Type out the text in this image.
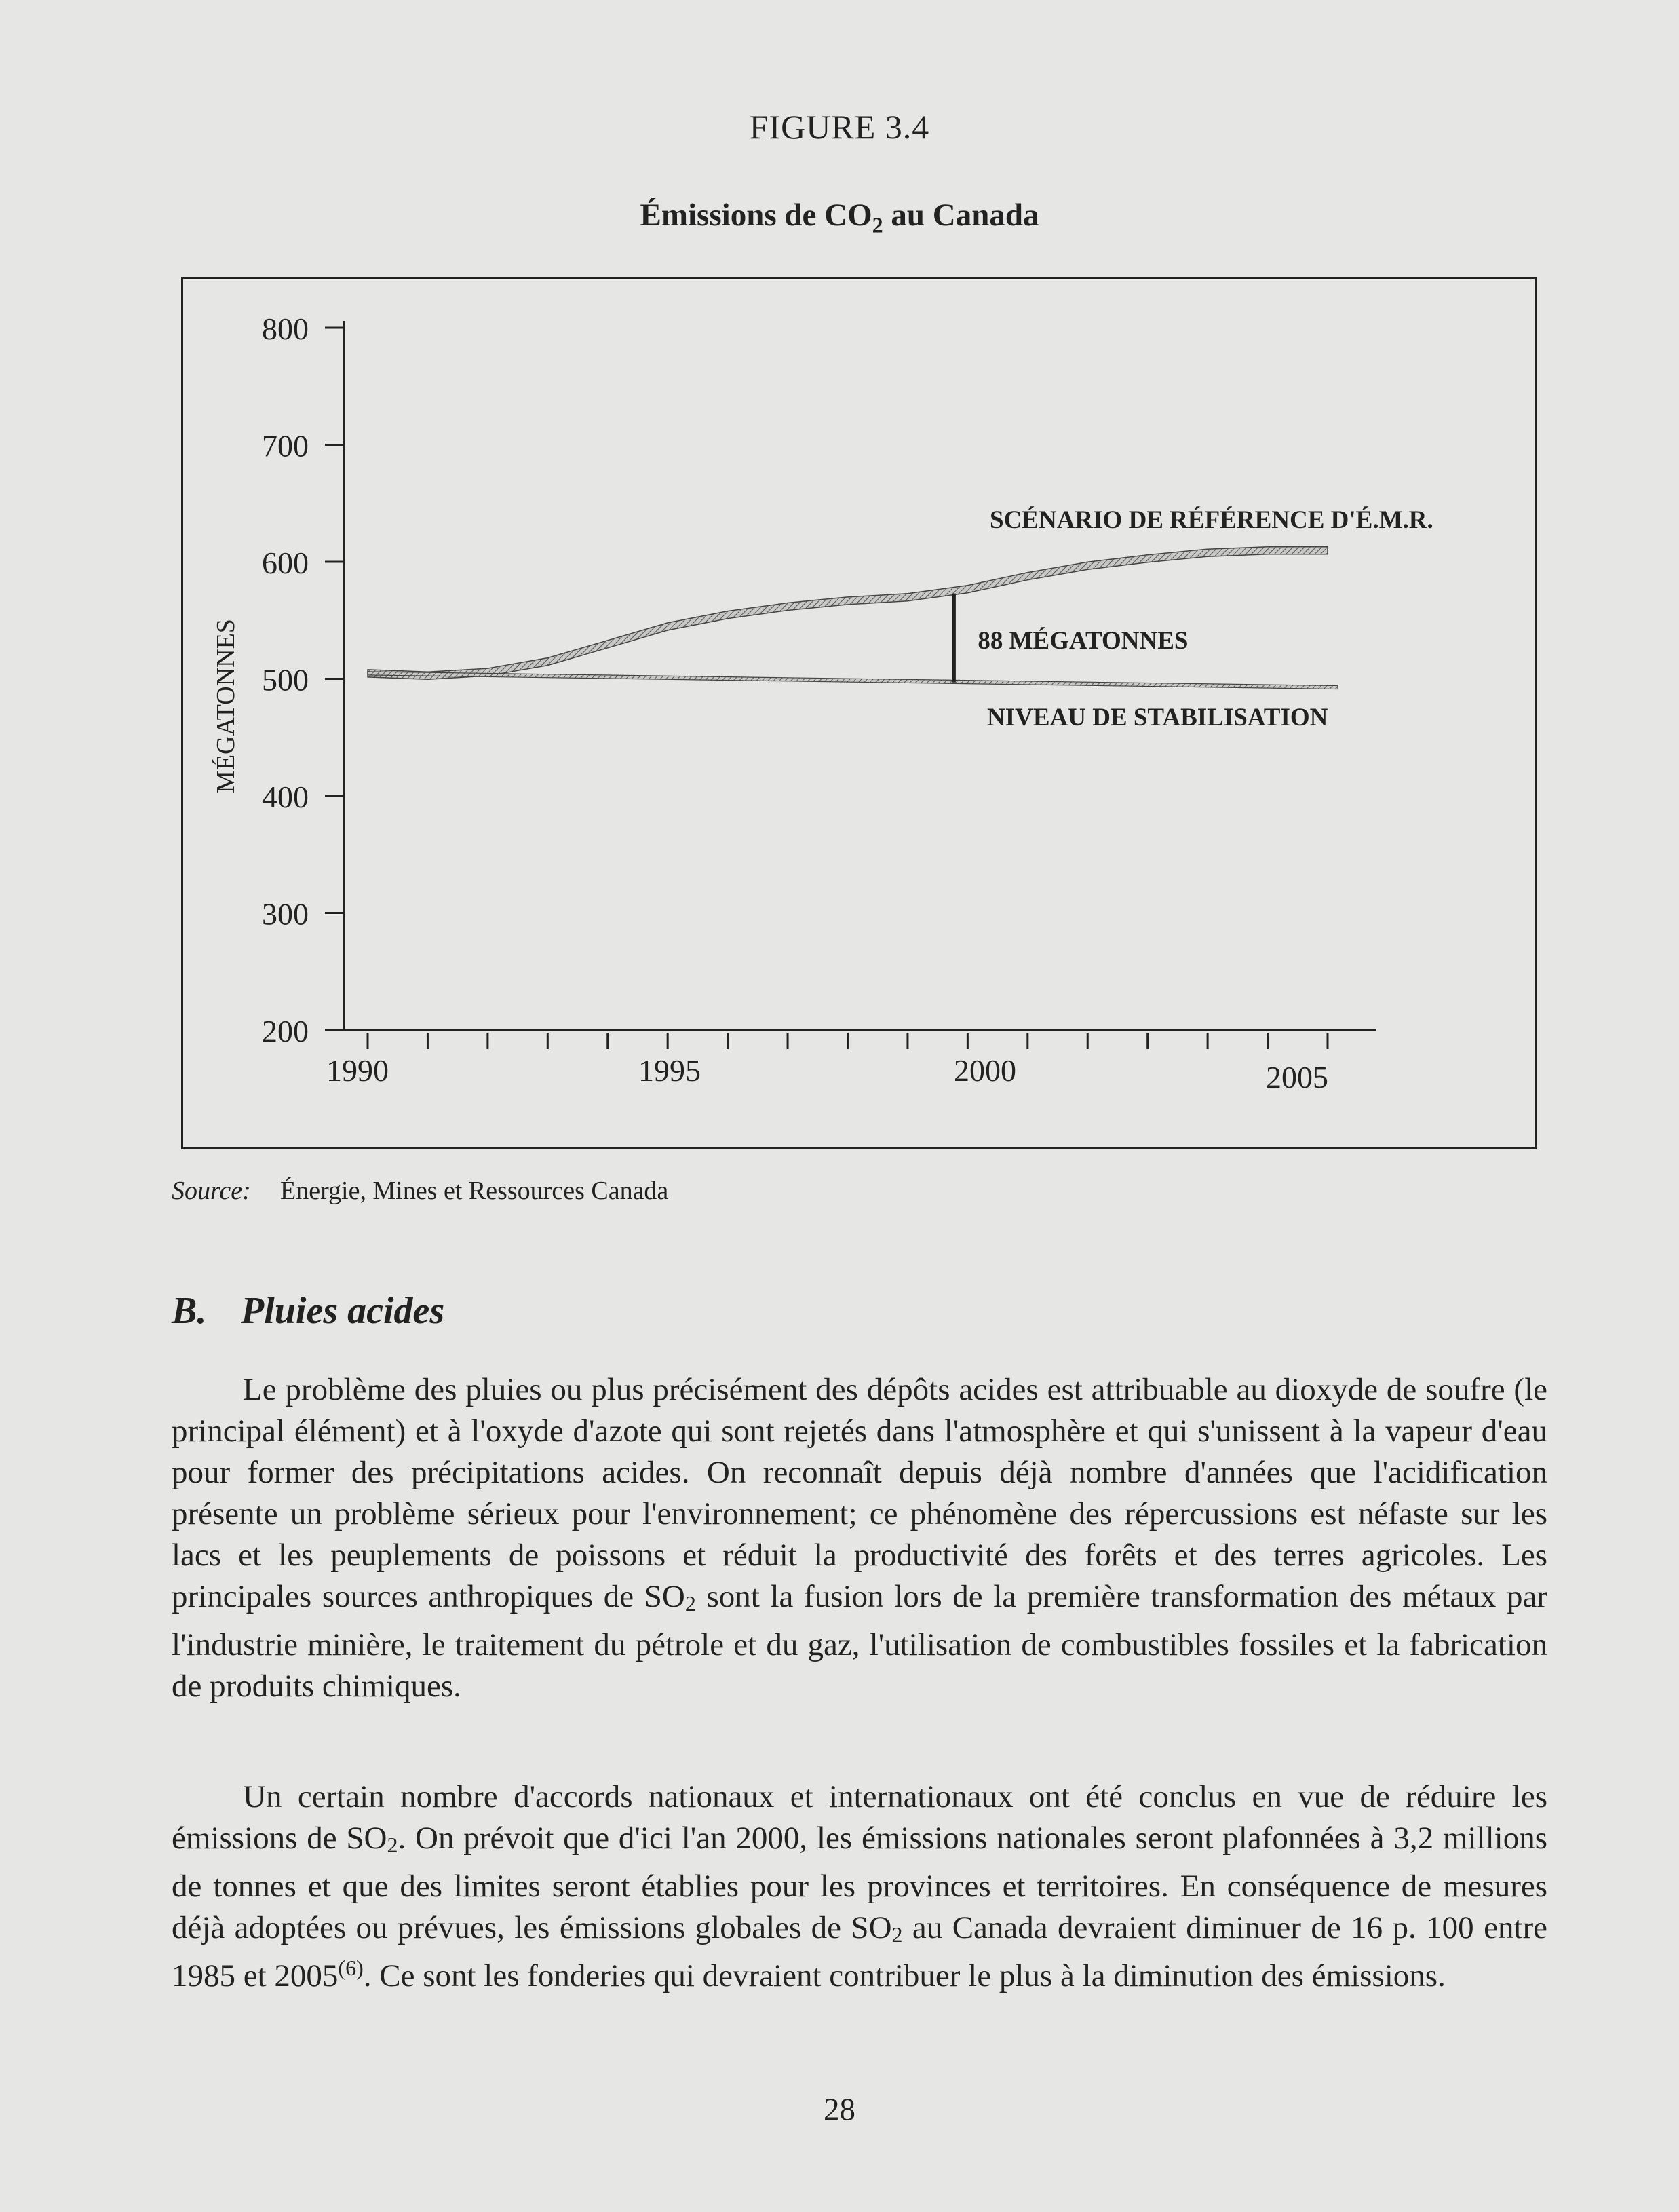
FIGURE 3.4
Émissions de $CO_2$ au Canada
800
700
600
500
400
300
200
1990	1995	2000	2005
MÉGATONNES	88 MÉGATONNES
SCÉNARIO DE RÉFÉRENCE D'É.M.R.
NIVEAU DE STABILISATION
Source: Énergie, Mines et Ressources Canada
B. Pluies acides

Le problème des pluies ou plus précisément des dépôts acides est attribuable au dioxyde de soufre (le principal élément) et à l'oxyde d'azote qui sont rejetés dans l'atmosphère et qui s'unissent à la vapeur d'eau pour former des précipitations acides. On reconnaît depuis déjà nombre d'années que l'acidification présente un problème sérieux pour l'environnement; ce phénomène des répercussions est néfaste sur les lacs et les peuplements de poissons et réduit la productivité des forêts et des terres agricoles. Les principales sources anthropiques de $SO_2$ sont la fusion lors de la première transformation des métaux par l'industrie minière, le traitement du pétrole et du gaz, l'utilisation de combustibles fossiles et la fabrication de produits chimiques.

Un certain nombre d'accords nationaux et internationaux ont été conclus en vue de réduire les émissions de $SO_2$. On prévoit que d'ici l'an 2000, les émissions nationales seront plafonnées à 3,2 millions de tonnes et que des limites seront établies pour les provinces et territoires. En conséquence de mesures déjà adoptées ou prévues, les émissions globales de $SO_2$ au Canada devraient diminuer de 16 p. 100 entre 1985 et 2005$^{(6)}$. Ce sont les fonderies qui devraient contribuer le plus à la diminution des émissions.

28
